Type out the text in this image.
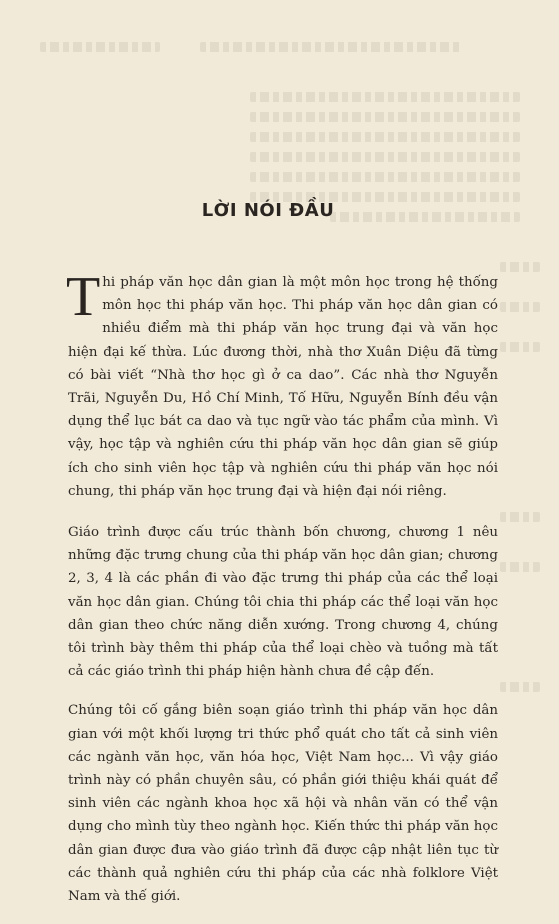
LỜI NÓI ĐẦU

Thi pháp văn học dân gian là một môn học trong hệ thống môn học thi pháp văn học. Thi pháp văn học dân gian có nhiều điểm mà thi pháp văn học trung đại và văn học hiện đại kế thừa. Lúc đương thời, nhà thơ Xuân Diệu đã từng có bài viết “Nhà thơ học gì ở ca dao”. Các nhà thơ Nguyễn Trãi, Nguyễn Du, Hồ Chí Minh, Tố Hữu, Nguyễn Bính đều vận dụng thể lục bát ca dao và tục ngữ vào tác phẩm của mình. Vì vậy, học tập và nghiên cứu thi pháp văn học dân gian sẽ giúp ích cho sinh viên học tập và nghiên cứu thi pháp văn học nói chung, thi pháp văn học trung đại và hiện đại nói riêng.

Giáo trình được cấu trúc thành bốn chương, chương 1 nêu những đặc trưng chung của thi pháp văn học dân gian; chương 2, 3, 4 là các phần đi vào đặc trưng thi pháp của các thể loại văn học dân gian. Chúng tôi chia thi pháp các thể loại văn học dân gian theo chức năng diễn xướng. Trong chương 4, chúng tôi trình bày thêm thi pháp của thể loại chèo và tuồng mà tất cả các giáo trình thi pháp hiện hành chưa đề cập đến.

Chúng tôi cố gắng biên soạn giáo trình thi pháp văn học dân gian với một khối lượng tri thức phổ quát cho tất cả sinh viên các ngành văn học, văn hóa học, Việt Nam học... Vì vậy giáo trình này có phần chuyên sâu, có phần giới thiệu khái quát để sinh viên các ngành khoa học xã hội và nhân văn có thể vận dụng cho mình tùy theo ngành học. Kiến thức thi pháp văn học dân gian được đưa vào giáo trình đã được cập nhật liên tục từ các thành quả nghiên cứu thi pháp của các nhà folklore Việt Nam và thế giới.
